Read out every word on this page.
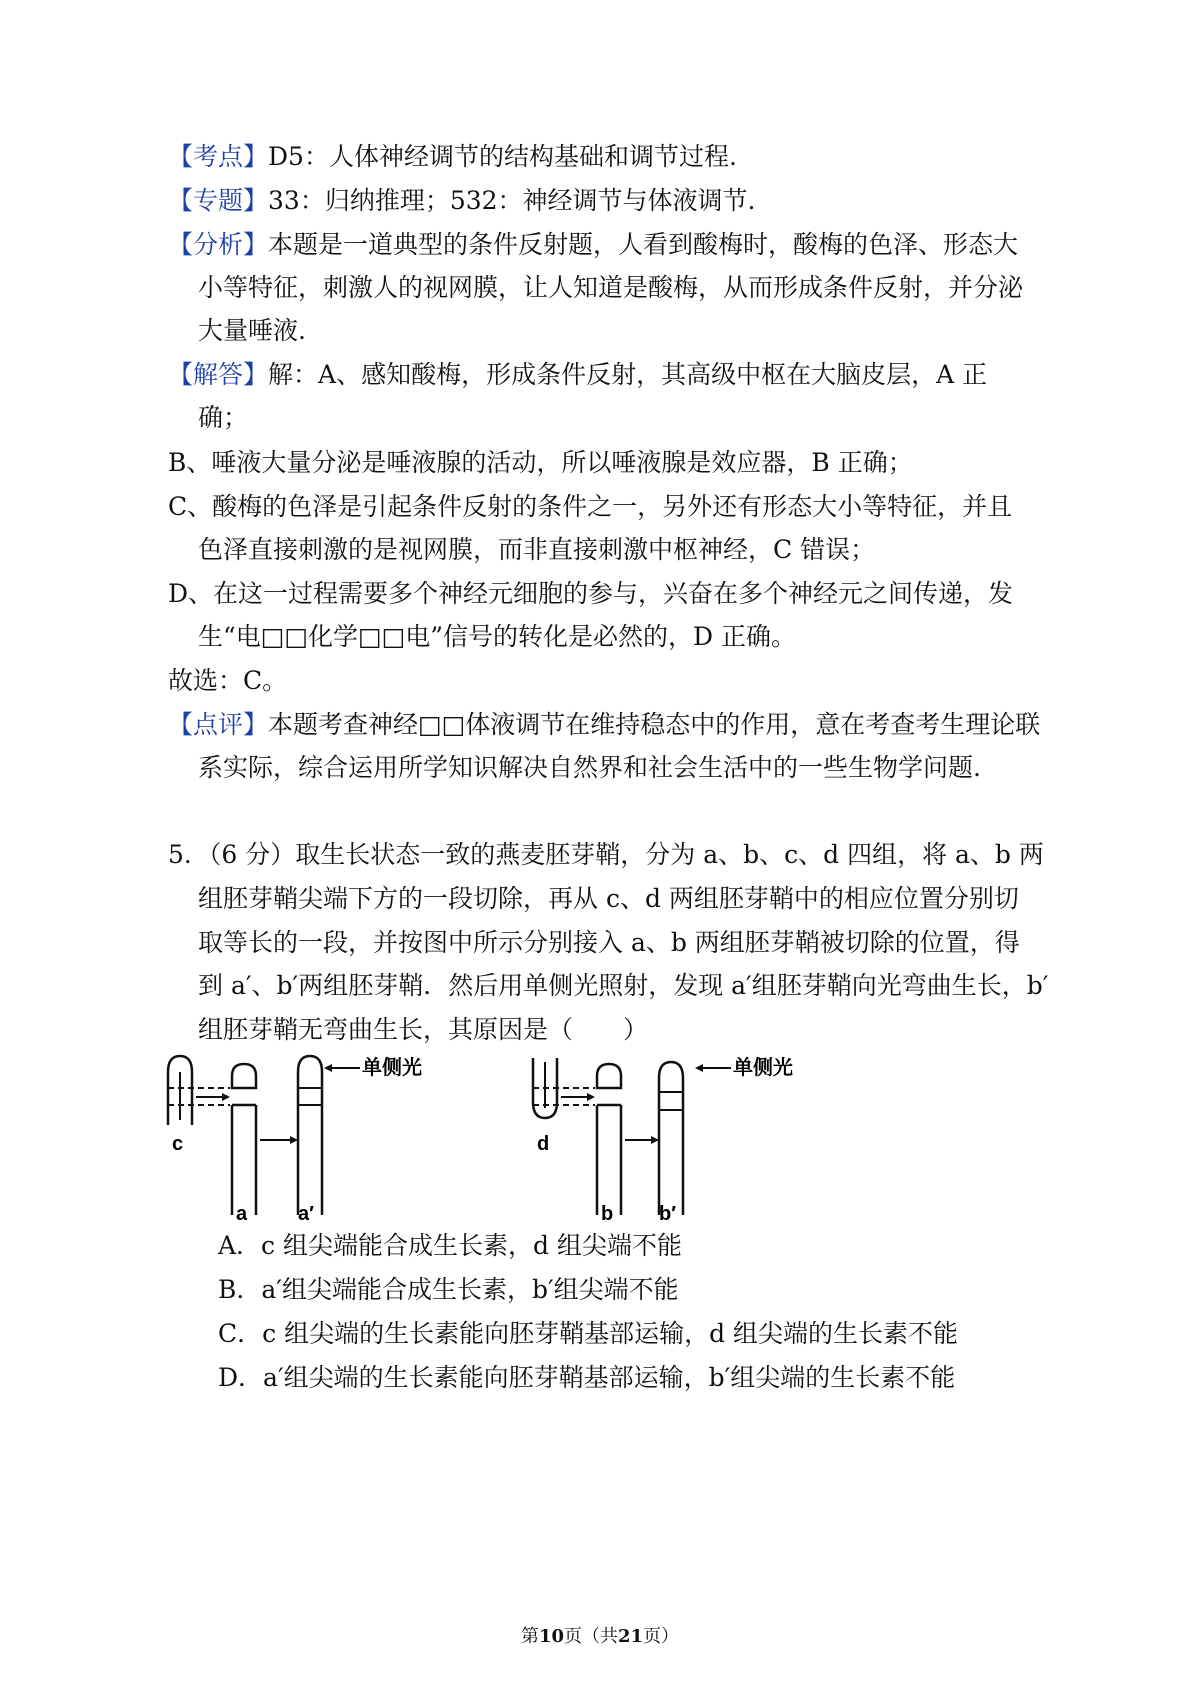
【考点】D5：人体神经调节的结构基础和调节过程.
【专题】33：归纳推理；532：神经调节与体液调节.
【分析】本题是一道典型的条件反射题，人看到酸梅时，酸梅的色泽、形态大
小等特征，刺激人的视网膜，让人知道是酸梅，从而形成条件反射，并分泌
大量唾液.
【解答】解：A、感知酸梅，形成条件反射，其高级中枢在大脑皮层，A 正
确；
B、唾液大量分泌是唾液腺的活动，所以唾液腺是效应器，B 正确；
C、酸梅的色泽是引起条件反射的条件之一，另外还有形态大小等特征，并且
色泽直接刺激的是视网膜，而非直接刺激中枢神经，C 错误；
D、在这一过程需要多个神经元细胞的参与，兴奋在多个神经元之间传递，发
生“电□□化学□□电”信号的转化是必然的，D 正确。
故选：C。
【点评】本题考查神经□□体液调节在维持稳态中的作用，意在考查考生理论联
系实际，综合运用所学知识解决自然界和社会生活中的一些生物学问题.
5．（6 分）取生长状态一致的燕麦胚芽鞘，分为 a、b、c、d 四组，将 a、b 两
组胚芽鞘尖端下方的一段切除，再从 c、d 两组胚芽鞘中的相应位置分别切
取等长的一段，并按图中所示分别接入 a、b 两组胚芽鞘被切除的位置，得
到 a′、b′两组胚芽鞘．然后用单侧光照射，发现 a′组胚芽鞘向光弯曲生长，b′
组胚芽鞘无弯曲生长，其原因是（　　）
单侧光
c
a	a′
单侧光
d
b b′
A．c 组尖端能合成生长素，d 组尖端不能
B．a′组尖端能合成生长素，b′组尖端不能
C．c 组尖端的生长素能向胚芽鞘基部运输，d 组尖端的生长素不能
D．a′组尖端的生长素能向胚芽鞘基部运输，b′组尖端的生长素不能
第10页（共21页）
